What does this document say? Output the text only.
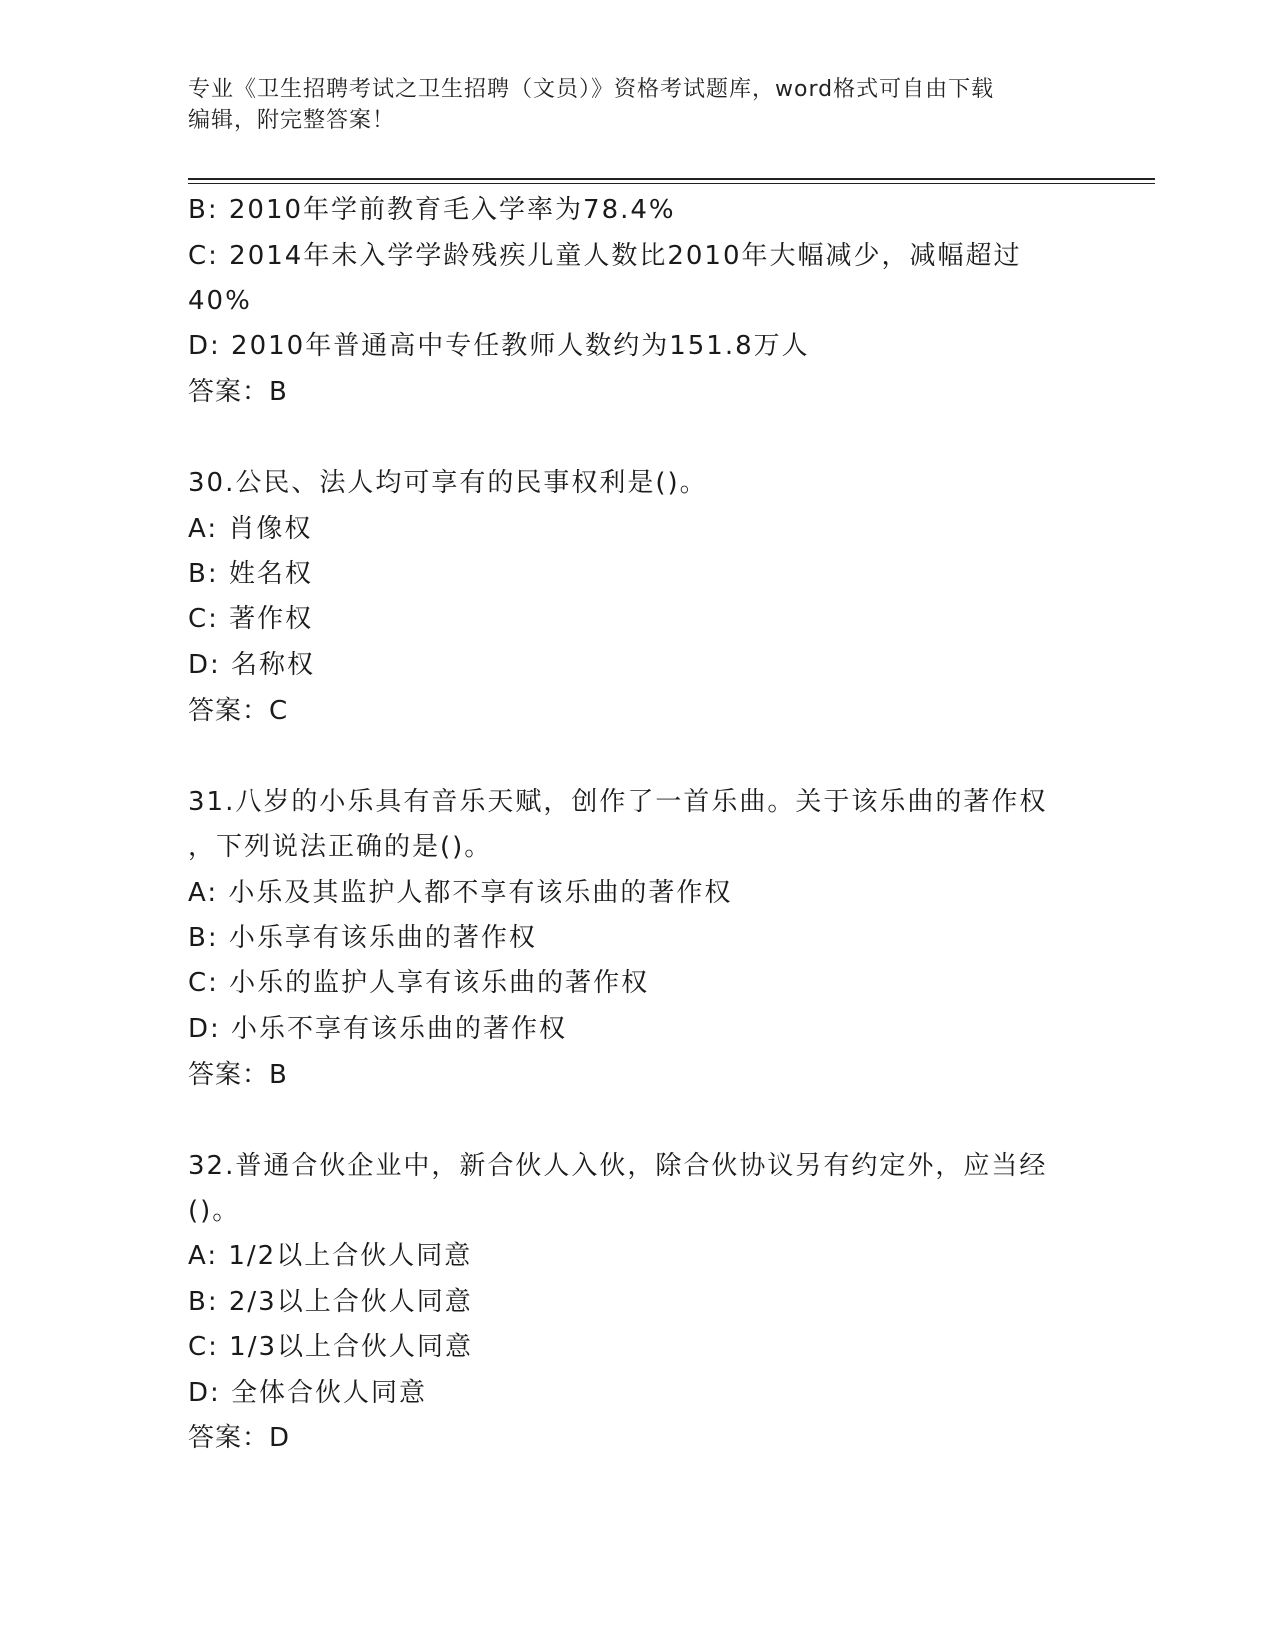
专业《卫生招聘考试之卫生招聘（文员）》资格考试题库，word格式可自由下载
编辑，附完整答案！
B: 2010年学前教育毛入学率为78.4%
C: 2014年未入学学龄残疾儿童人数比2010年大幅减少，减幅超过
40%
D: 2010年普通高中专任教师人数约为151.8万人
答案：B
30.公民、法人均可享有的民事权利是()。
A: 肖像权
B: 姓名权
C: 著作权
D: 名称权
答案：C
31.八岁的小乐具有音乐天赋，创作了一首乐曲。关于该乐曲的著作权
，下列说法正确的是()。
A: 小乐及其监护人都不享有该乐曲的著作权
B: 小乐享有该乐曲的著作权
C: 小乐的监护人享有该乐曲的著作权
D: 小乐不享有该乐曲的著作权
答案：B
32.普通合伙企业中，新合伙人入伙，除合伙协议另有约定外，应当经
()。
A: 1/2以上合伙人同意
B: 2/3以上合伙人同意
C: 1/3以上合伙人同意
D: 全体合伙人同意
答案：D
